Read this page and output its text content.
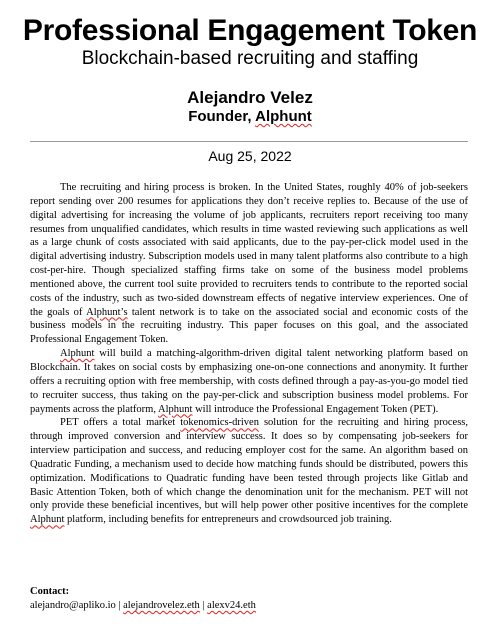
Professional Engagement Token
Blockchain-based recruiting and staffing
Alejandro Velez
Founder, Alphunt
Aug 25, 2022

The recruiting and hiring process is broken. In the United States, roughly 40% of job-seekers report sending over 200 resumes for applications they don’t receive replies to. Because of the use of digital advertising for increasing the volume of job applicants, recruiters report receiving too many resumes from unqualified candidates, which results in time wasted reviewing such applications as well as a large chunk of costs associated with said applicants, due to the pay-per-click model used in the digital advertising industry. Subscription models used in many talent platforms also contribute to a high cost-per-hire. Though specialized staffing firms take on some of the business model problems mentioned above, the current tool suite provided to recruiters tends to contribute to the reported social costs of the industry, such as two-sided downstream effects of negative interview experiences. One of the goals of Alphunt’s talent network is to take on the associated social and economic costs of the business models in the recruiting industry. This paper focuses on this goal, and the associated Professional Engagement Token.

Alphunt will build a matching-algorithm-driven digital talent networking platform based on Blockchain. It takes on social costs by emphasizing one-on-one connections and anonymity. It further offers a recruiting option with free membership, with costs defined through a pay-as-you-go model tied to recruiter success, thus taking on the pay-per-click and subscription business model problems. For payments across the platform, Alphunt will introduce the Professional Engagement Token (PET).

PET offers a total market tokenomics-driven solution for the recruiting and hiring process, through improved conversion and interview success. It does so by compensating job-seekers for interview participation and success, and reducing employer cost for the same. An algorithm based on Quadratic Funding, a mechanism used to decide how matching funds should be distributed, powers this optimization. Modifications to Quadratic funding have been tested through projects like Gitlab and Basic Attention Token, both of which change the denomination unit for the mechanism. PET will not only provide these beneficial incentives, but will help power other positive incentives for the complete Alphunt platform, including benefits for entrepreneurs and crowdsourced job training.

Contact:
alejandro@apliko.io | alejandrovelez.eth | alexv24.eth
